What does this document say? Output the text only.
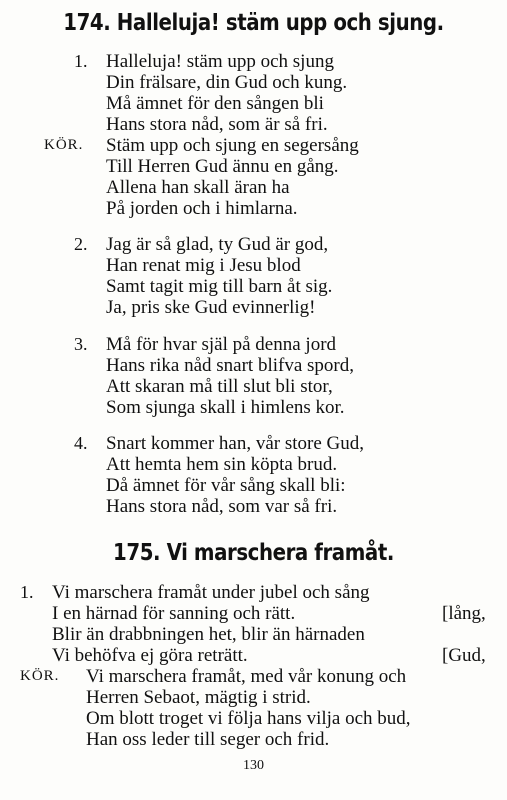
174. Halleluja! stäm upp och sjung.
1. Halleluja! stäm upp och sjung
Din frälsare, din Gud och kung.
Må ämnet för den sången bli
Hans stora nåd, som är så fri.
KÖR. Stäm upp och sjung en segersång
Till Herren Gud ännu en gång.
Allena han skall äran ha
På jorden och i himlarna.
2. Jag är så glad, ty Gud är god,
Han renat mig i Jesu blod
Samt tagit mig till barn åt sig.
Ja, pris ske Gud evinnerlig!
3. Må för hvar själ på denna jord
Hans rika nåd snart blifva spord,
Att skaran må till slut bli stor,
Som sjunga skall i himlens kor.
4. Snart kommer han, vår store Gud,
Att hemta hem sin köpta brud.
Då ämnet för vår sång skall bli:
Hans stora nåd, som var så fri.
175. Vi marschera framåt.
1. Vi marschera framåt under jubel och sång
I en härnad för sanning och rätt.	[lång,
Blir än drabbningen het, blir än härnaden
Vi behöfva ej göra reträtt.	[Gud,
KÖR. Vi marschera framåt, med vår konung och
Herren Sebaot, mägtig i strid.
Om blott troget vi följa hans vilja och bud,
Han oss leder till seger och frid.
130
